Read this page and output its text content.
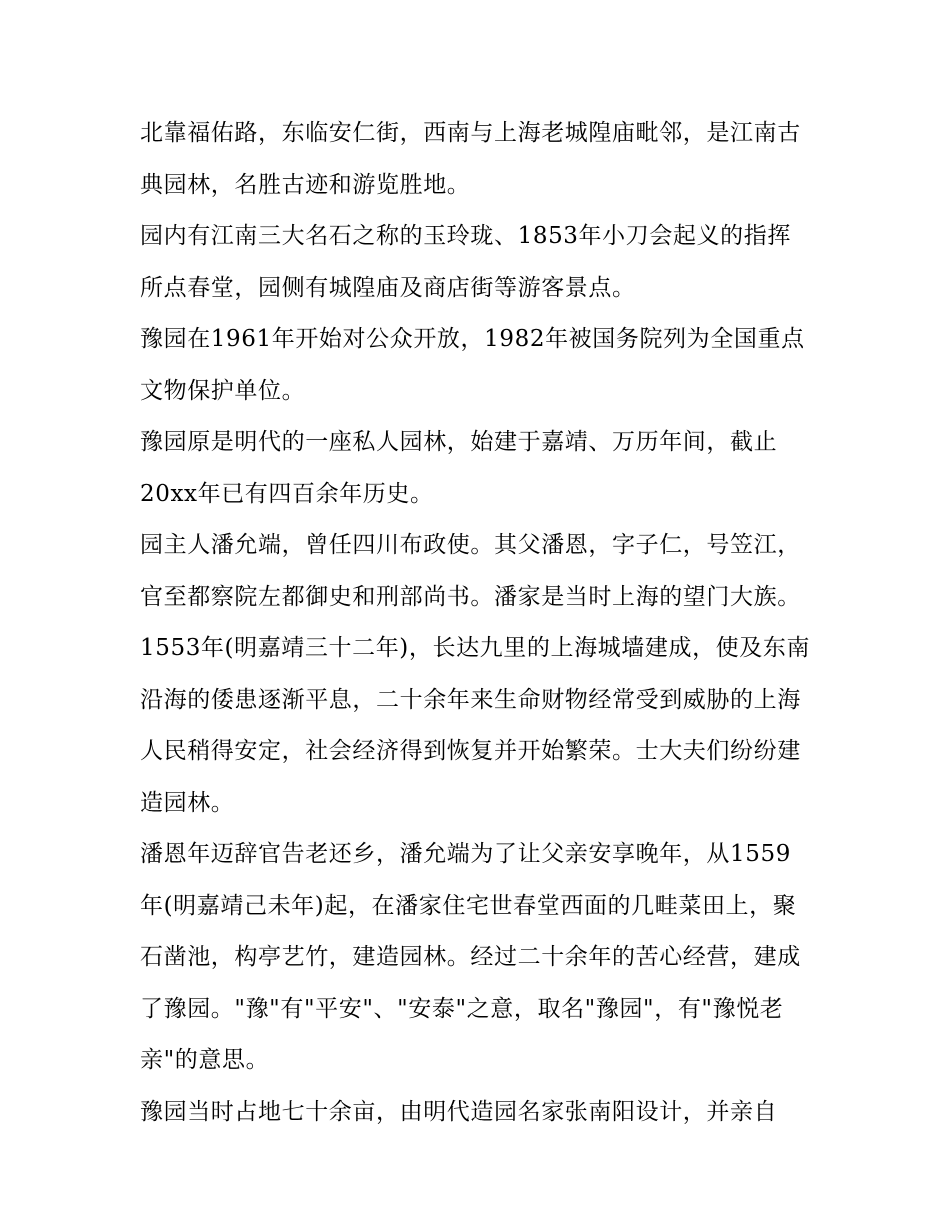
北靠福佑路，东临安仁街，西南与上海老城隍庙毗邻，是江南古典园林，名胜古迹和游览胜地。

园内有江南三大名石之称的玉玲珑、1853年小刀会起义的指挥所点春堂，园侧有城隍庙及商店街等游客景点。

豫园在1961年开始对公众开放，1982年被国务院列为全国重点文物保护单位。

豫园原是明代的一座私人园林，始建于嘉靖、万历年间，截止20xx年已有四百余年历史。

园主人潘允端，曾任四川布政使。其父潘恩，字子仁，号笠江，官至都察院左都御史和刑部尚书。潘家是当时上海的望门大族。1553年(明嘉靖三十二年)，长达九里的上海城墙建成，使及东南沿海的倭患逐渐平息，二十余年来生命财物经常受到威胁的上海人民稍得安定，社会经济得到恢复并开始繁荣。士大夫们纷纷建造园林。

潘恩年迈辞官告老还乡，潘允端为了让父亲安享晚年，从1559年(明嘉靖己未年)起，在潘家住宅世春堂西面的几畦菜田上，聚石凿池，构亭艺竹，建造园林。经过二十余年的苦心经营，建成了豫园。"豫"有"平安"、"安泰"之意，取名"豫园"，有"豫悦老亲"的意思。

豫园当时占地七十余亩，由明代造园名家张南阳设计，并亲自
